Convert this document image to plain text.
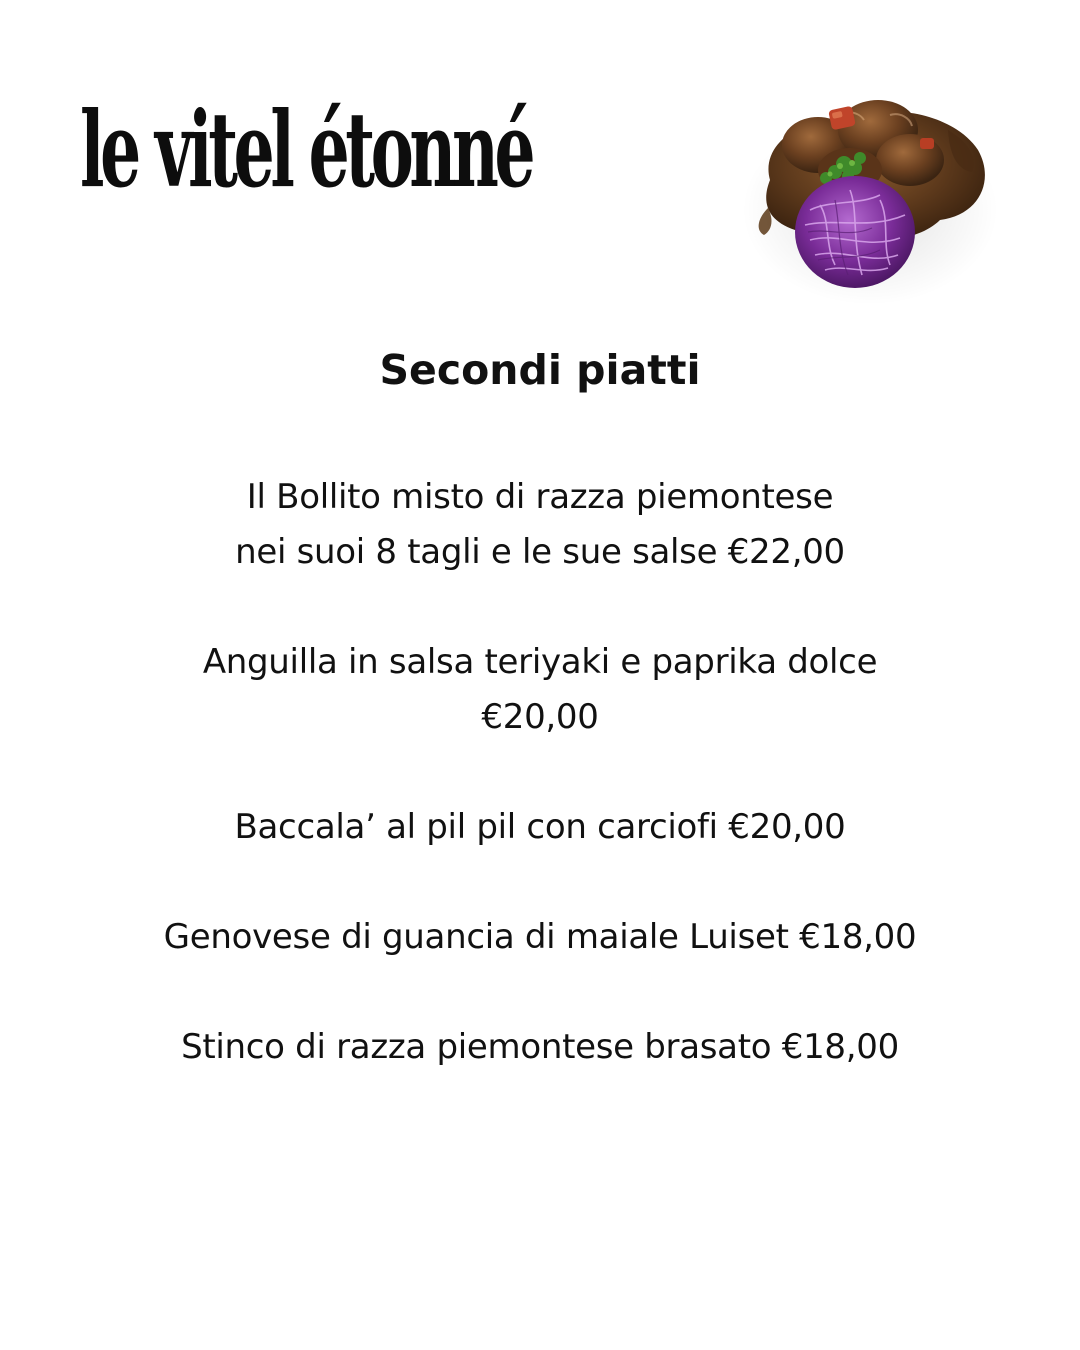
le vitel étonné
Secondi piatti

Il Bollito misto di razza piemontese
nei suoi 8 tagli e le sue salse €22,00

Anguilla in salsa teriyaki e paprika dolce
€20,00

Baccala’ al pil pil con carciofi €20,00

Genovese di guancia di maiale Luiset €18,00

Stinco di razza piemontese brasato €18,00
